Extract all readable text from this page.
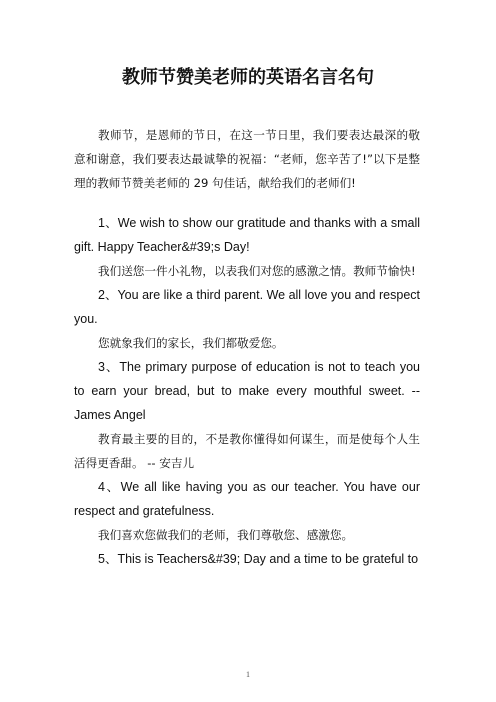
教师节赞美老师的英语名言名句

教师节，是恩师的节日，在这一节日里，我们要表达最深的敬意和谢意，我们要表达最诚挚的祝福：“老师，您辛苦了!”以下是整理的教师节赞美老师的 29 句佳话，献给我们的老师们!

1、We wish to show our gratitude and thanks with a small gift. Happy Teacher&#39;s Day!

我们送您一件小礼物，以表我们对您的感激之情。教师节愉快!

2、You are like a third parent. We all love you and respect you.

您就象我们的家长，我们都敬爱您。

3、The primary purpose of education is not to teach you to earn your bread, but to make every mouthful sweet. -- James Angel

教育最主要的目的，不是教你懂得如何谋生，而是使每个人生活得更香甜。 -- 安吉儿

4、We all like having you as our teacher. You have our respect and gratefulness.

我们喜欢您做我们的老师，我们尊敬您、感激您。

5、This is Teachers&#39; Day and a time to be grateful to

1
